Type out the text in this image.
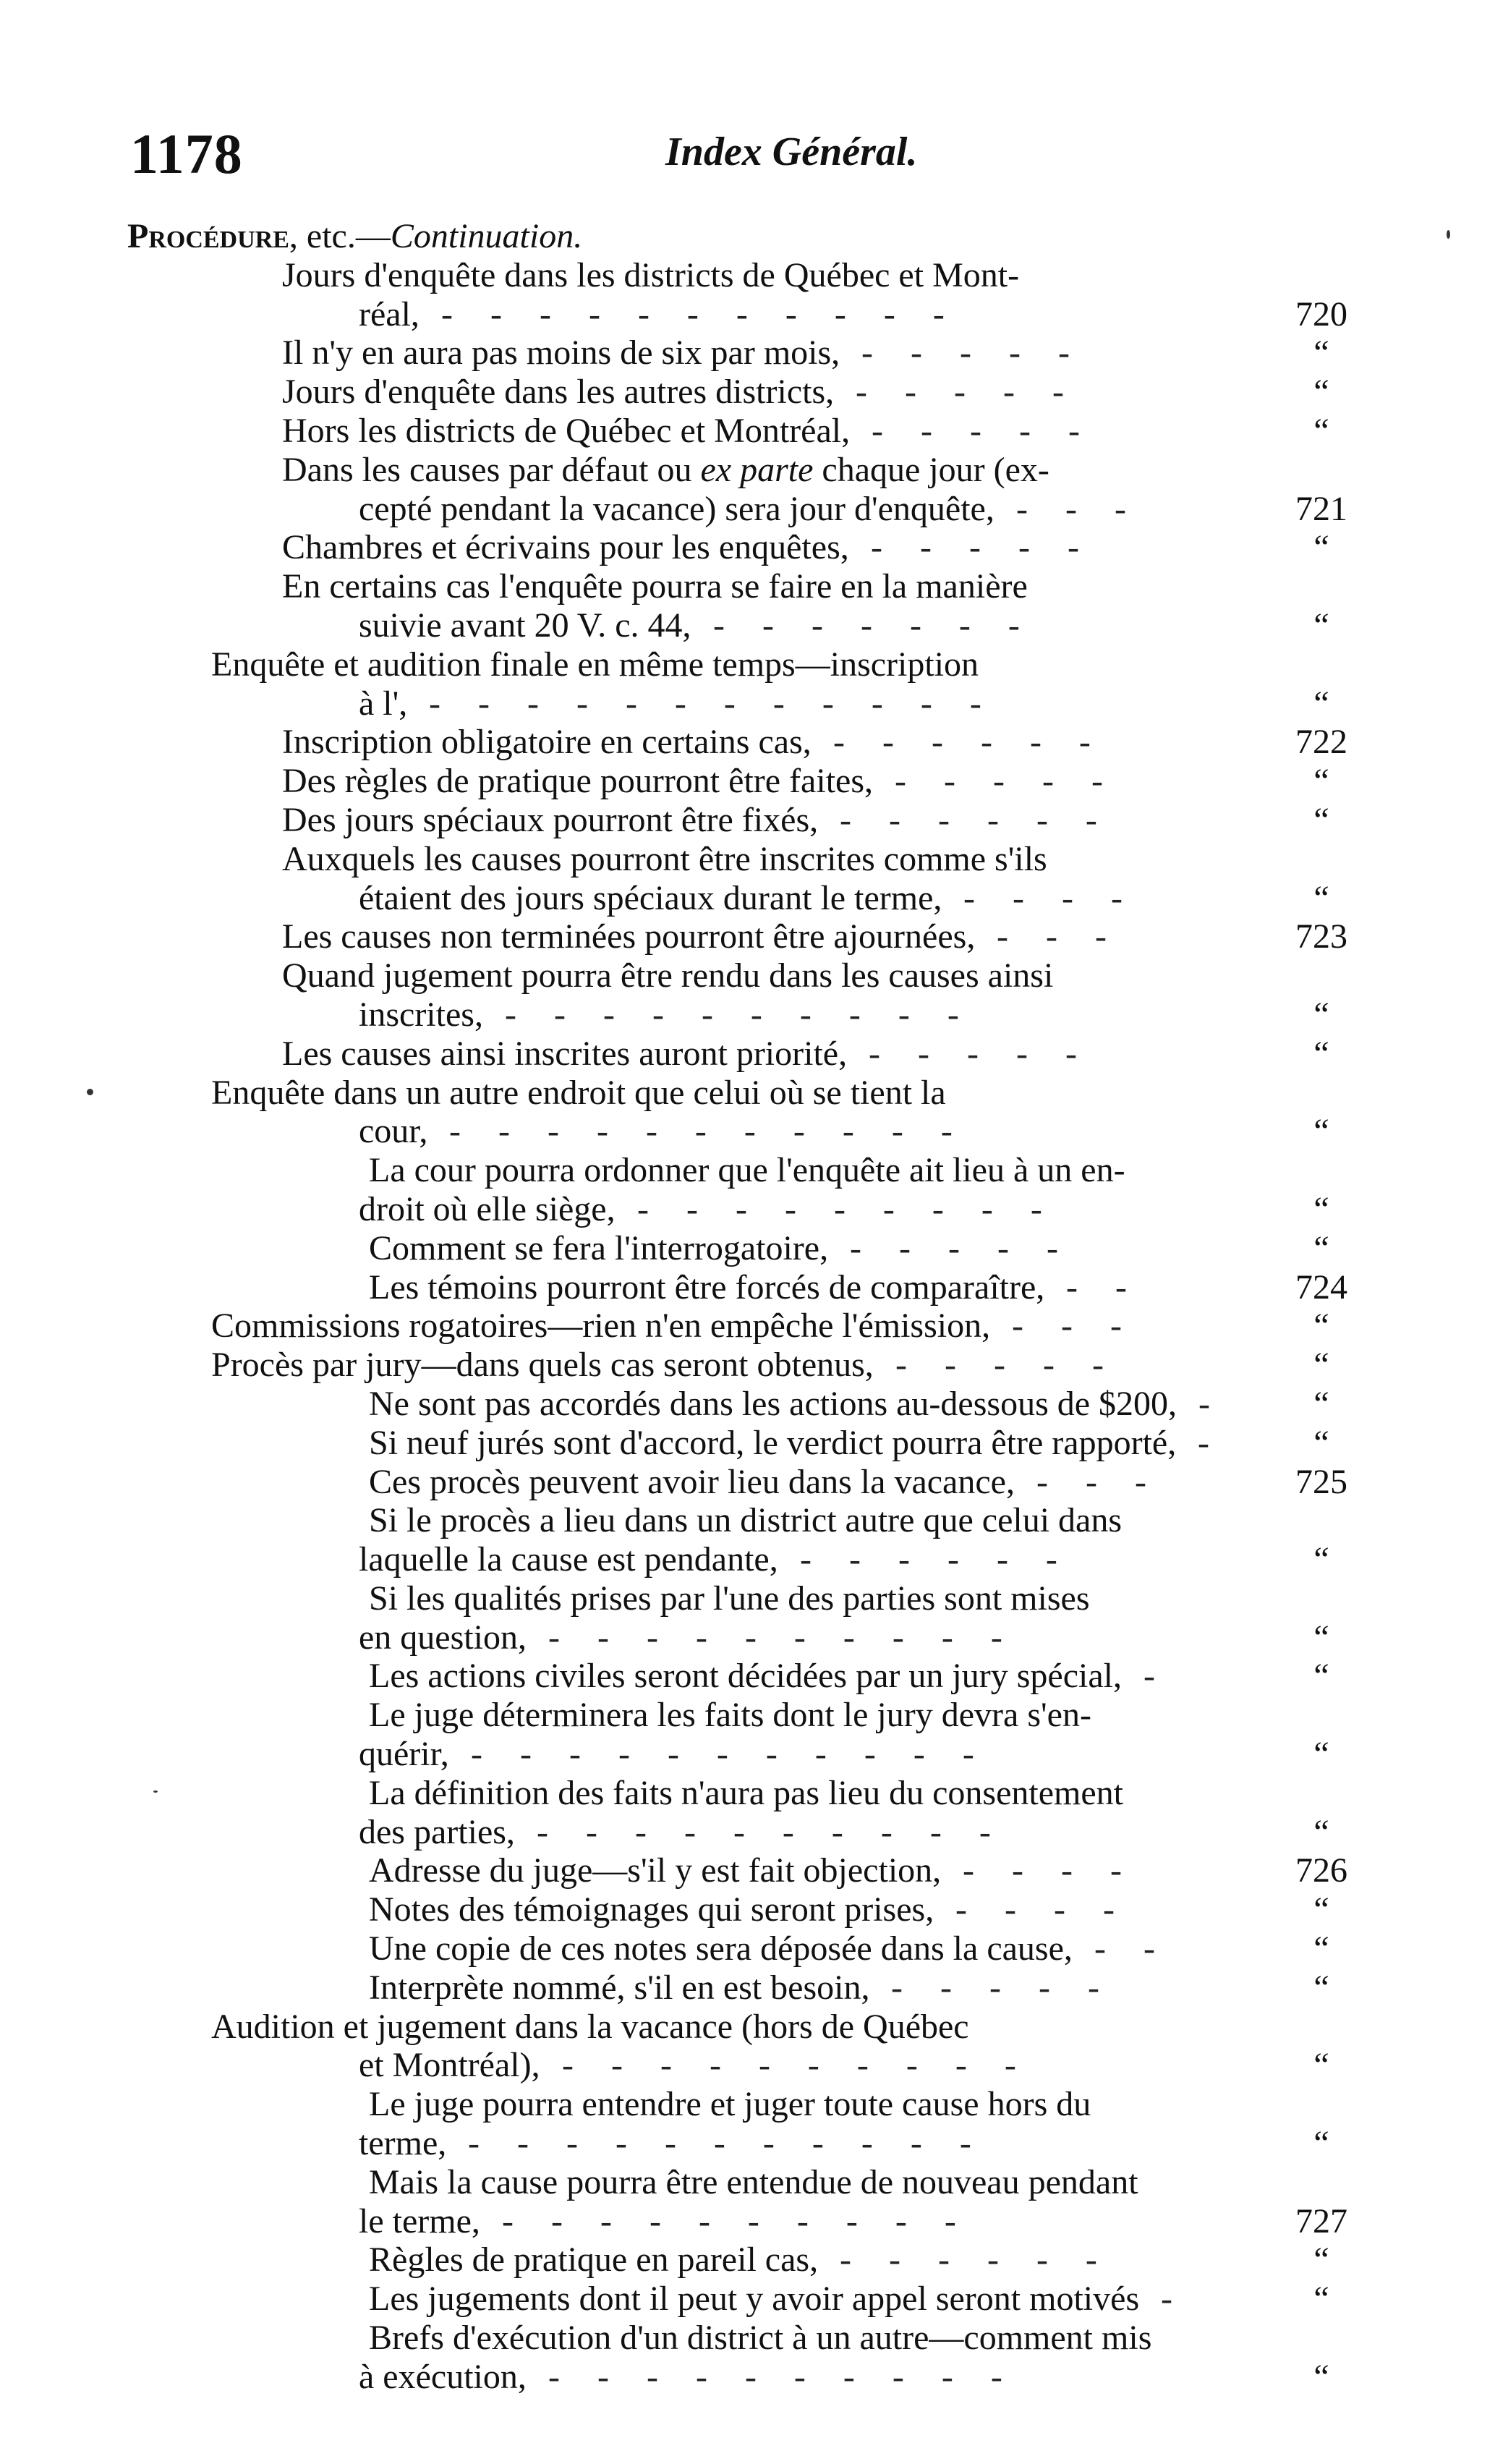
1178	Index Général.
Procédure, etc.—Continuation.
Jours d'enquête dans les districts de Québec et Mont-
réal,	720
- - - - - - - - - - -
Il n'y en aura pas moins de six par mois,	“
- - - - -
Jours d'enquête dans les autres districts,	“
- - - - -
Hors les districts de Québec et Montréal,	“
- - - - -
Dans les causes par défaut ou ex parte chaque jour (ex-
cepté pendant la vacance) sera jour d'enquête,	721
- - -
Chambres et écrivains pour les enquêtes,	“
- - - - -
En certains cas l'enquête pourra se faire en la manière
suivie avant 20 V. c. 44,	“
- - - - - - -
Enquête et audition finale en même temps—inscription
à l',	“
- - - - - - - - - - - -
Inscription obligatoire en certains cas,	722
- - - - - -
Des règles de pratique pourront être faites,	“
- - - - -
Des jours spéciaux pourront être fixés,	“
- - - - - -
Auxquels les causes pourront être inscrites comme s'ils
étaient des jours spéciaux durant le terme,	“
- - - -
Les causes non terminées pourront être ajournées,	723
- - -
Quand jugement pourra être rendu dans les causes ainsi
inscrites,	“
- - - - - - - - - -
Les causes ainsi inscrites auront priorité,	“
- - - - -
Enquête dans un autre endroit que celui où se tient la
cour,	“
- - - - - - - - - - -
La cour pourra ordonner que l'enquête ait lieu à un en-
droit où elle siège,	“
- - - - - - - - -
Comment se fera l'interrogatoire,	“
- - - - -
Les témoins pourront être forcés de comparaître,	724
- -
Commissions rogatoires—rien n'en empêche l'émission,	“
- - -
Procès par jury—dans quels cas seront obtenus,	“
- - - - -
Ne sont pas accordés dans les actions au-dessous de $200,	“
-
Si neuf jurés sont d'accord, le verdict pourra être rapporté,	“
-
Ces procès peuvent avoir lieu dans la vacance,	725
- - -
Si le procès a lieu dans un district autre que celui dans
laquelle la cause est pendante,	“
- - - - - -
Si les qualités prises par l'une des parties sont mises
en question,	“
- - - - - - - - - -
Les actions civiles seront décidées par un jury spécial,	“
-
Le juge déterminera les faits dont le jury devra s'en-
quérir,	“
- - - - - - - - - - -
La définition des faits n'aura pas lieu du consentement
des parties,	“
- - - - - - - - - -
Adresse du juge—s'il y est fait objection,	726
- - - -
Notes des témoignages qui seront prises,	“
- - - -
Une copie de ces notes sera déposée dans la cause,	“
- -
Interprète nommé, s'il en est besoin,	“
- - - - -
Audition et jugement dans la vacance (hors de Québec
et Montréal),	“
- - - - - - - - - -
Le juge pourra entendre et juger toute cause hors du
terme,	“
- - - - - - - - - - -
Mais la cause pourra être entendue de nouveau pendant
le terme,	727
- - - - - - - - - -
Règles de pratique en pareil cas,	“
- - - - - -
Les jugements dont il peut y avoir appel seront motivés	“
-
Brefs d'exécution d'un district à un autre—comment mis
à exécution,	“
- - - - - - - - - -
